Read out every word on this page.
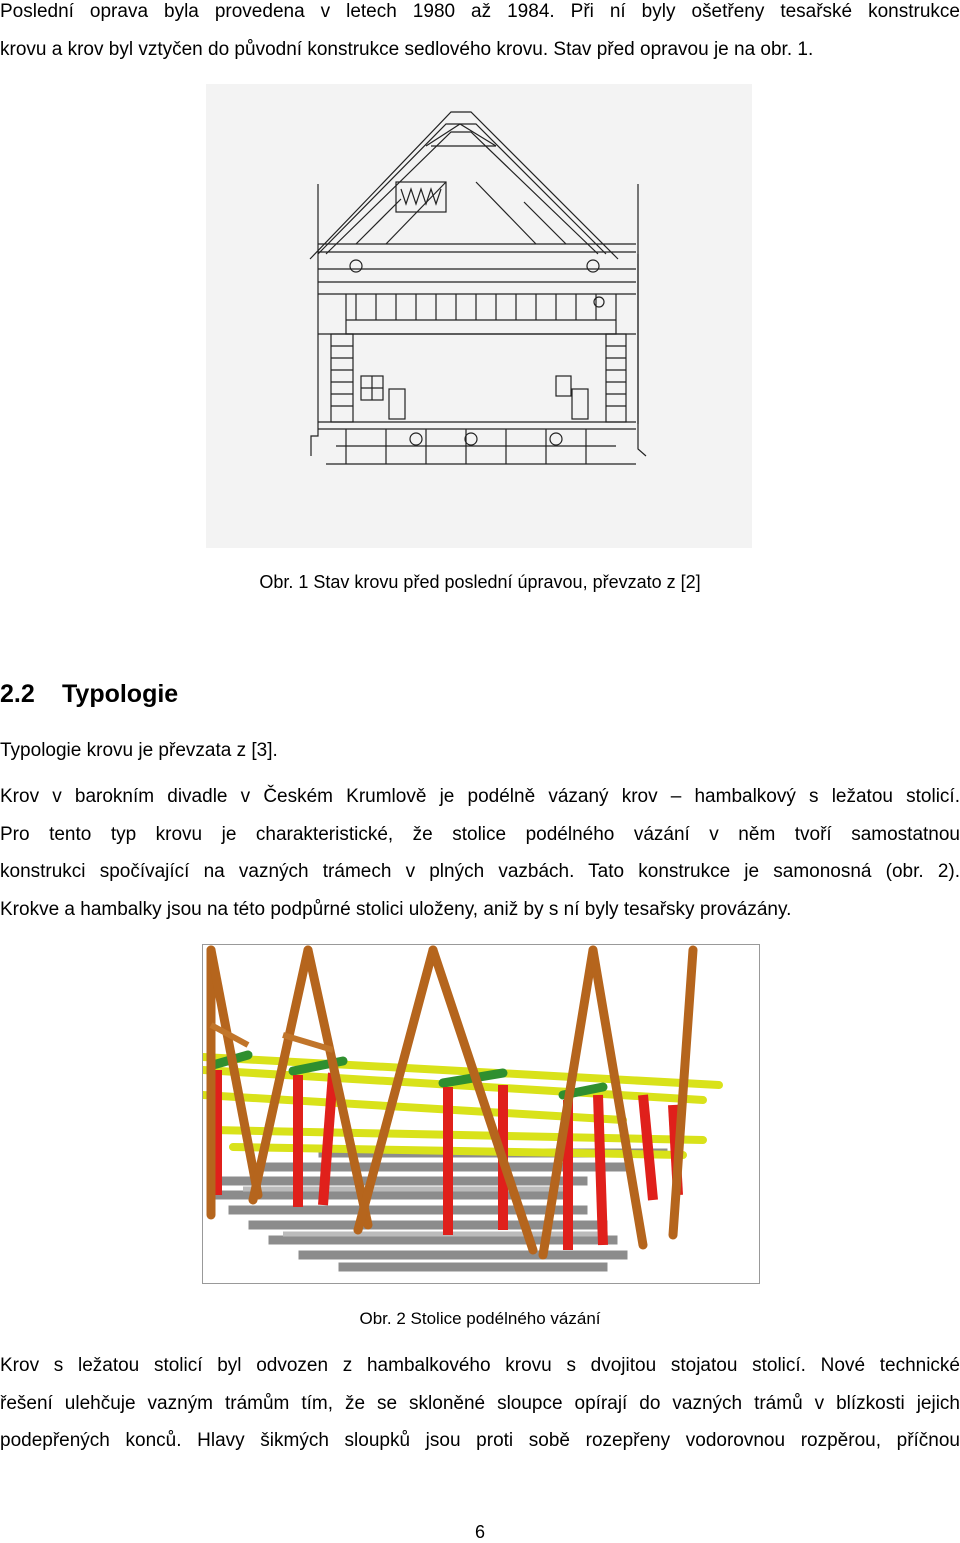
Poslední oprava byla provedena v letech 1980 až 1984. Při ní byly ošetřeny tesařské konstrukce
krovu a krov byl vztyčen do původní konstrukce sedlového krovu. Stav před opravou je na obr. 1.
Obr. 1 Stav krovu před poslední úpravou, převzato z [2]
2.2 Typologie
Typologie krovu je převzata z [3].
Krov v barokním divadle v Českém Krumlově je podélně vázaný krov – hambalkový s ležatou stolicí.
Pro tento typ krovu je charakteristické, že stolice podélného vázání v něm tvoří samostatnou
konstrukci spočívající na vazných trámech v plných vazbách. Tato konstrukce je samonosná (obr. 2).
Krokve a hambalky jsou na této podpůrné stolici uloženy, aniž by s ní byly tesařsky provázány.
Obr. 2 Stolice podélného vázání
Krov s ležatou stolicí byl odvozen z hambalkového krovu s dvojitou stojatou stolicí. Nové technické
řešení ulehčuje vazným trámům tím, že se skloněné sloupce opírají do vazných trámů v blízkosti jejich
podepřených konců. Hlavy šikmých sloupků jsou proti sobě rozepřeny vodorovnou rozpěrou, příčnou
6
